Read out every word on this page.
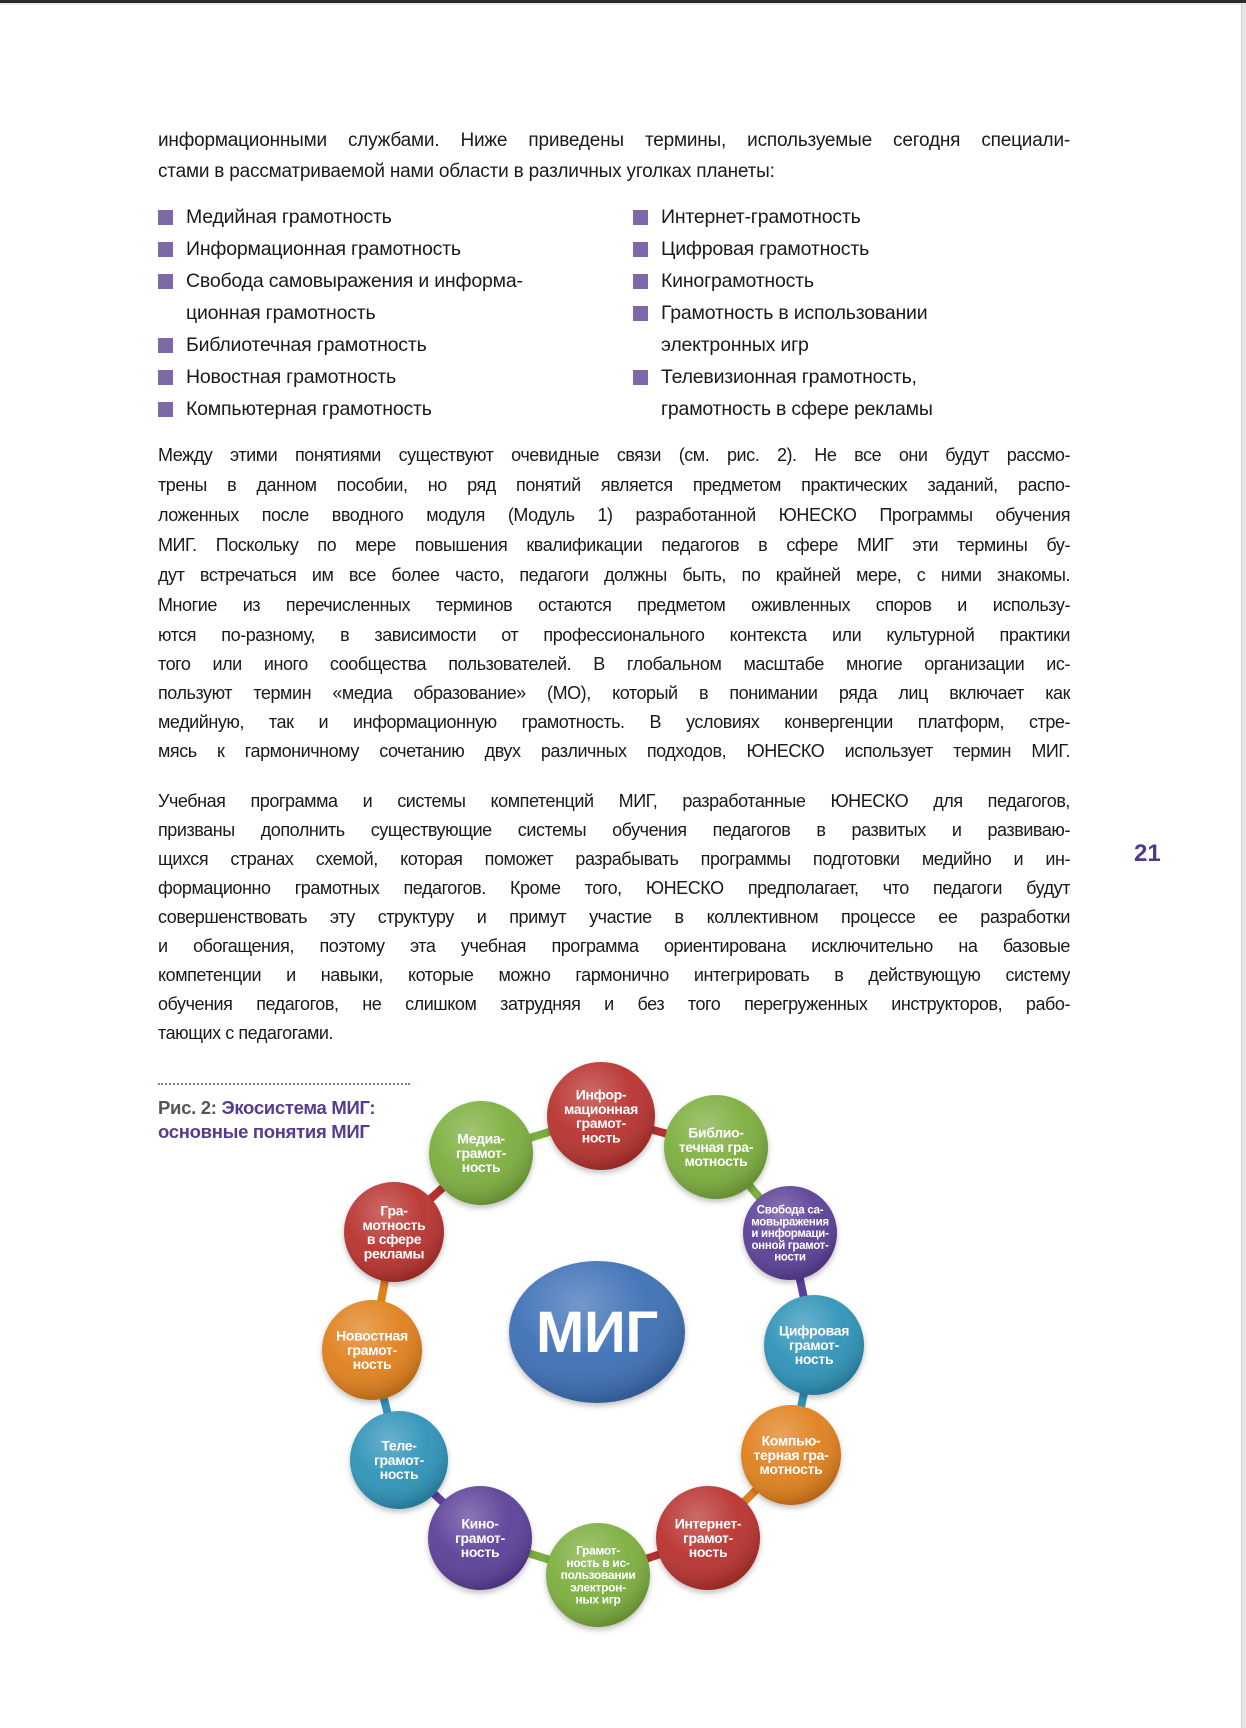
информационными службами. Ниже приведены термины, используемые сегодня специали-
стами в рассматриваемой нами области в различных уголках планеты:
Медийная грамотность
Информационная грамотность
Свобода самовыражения и информа-
ционная грамотность
Библиотечная грамотность
Новостная грамотность
Компьютерная грамотность
Интернет-грамотность
Цифровая грамотность
Кинограмотность
Грамотность в использовании
электронных игр
Телевизионная грамотность,
грамотность в сфере рекламы
Между этими понятиями существуют очевидные связи (см. рис. 2). Не все они будут рассмо-
трены в данном пособии, но ряд понятий является предметом практических заданий, распо-
ложенных после вводного модуля (Модуль 1) разработанной ЮНЕСКО Программы обучения
МИГ. Поскольку по мере повышения квалификации педагогов в сфере МИГ эти термины бу-
дут встречаться им все более часто, педагоги должны быть, по крайней мере, с ними знакомы.
Многие из перечисленных терминов остаются предметом оживленных споров и использу-
ются по-разному, в зависимости от профессионального контекста или культурной практики
того или иного сообщества пользователей. В глобальном масштабе многие организации ис-
пользуют термин «медиа образование» (МО), который в понимании ряда лиц включает как
медийную, так и информационную грамотность. В условиях конвергенции платформ, стре-
мясь к гармоничному сочетанию двух различных подходов, ЮНЕСКО использует термин МИГ.
Учебная программа и системы компетенций МИГ, разработанные ЮНЕСКО для педагогов,
призваны дополнить существующие системы обучения педагогов в развитых и развиваю-
щихся странах схемой, которая поможет разрабывать программы подготовки медийно и ин-
формационно грамотных педагогов. Кроме того, ЮНЕСКО предполагает, что педагоги будут
совершенствовать эту структуру и примут участие в коллективном процессе ее разработки
и обогащения, поэтому эта учебная программа ориентирована исключительно на базовые
компетенции и навыки, которые можно гармонично интегрировать в действующую систему
обучения педагогов, не слишком затрудняя и без того перегруженных инструкторов, рабо-
тающих с педагогами.
21
Рис. 2: Экосистема МИГ:
основные понятия МИГ
Инфор-
мационная
грамот-
ность	Библио-
течная гра-
мотность
Свобода са-
мовыражения
и информаци-
онной грамот-
ности
Цифровая
грамот-
ность
Компью-
терная гра-
мотность
Интернет-
грамот-
ность
Грамот-
ность в ис-
пользовании
электрон-
ных игр
Кино-
грамот-
ность
Теле-
грамот-
ность
Новостная
грамот-
ность
Гра-
мотность
в сфере
рекламы
Медиа-
грамот-
ность
МИГ
